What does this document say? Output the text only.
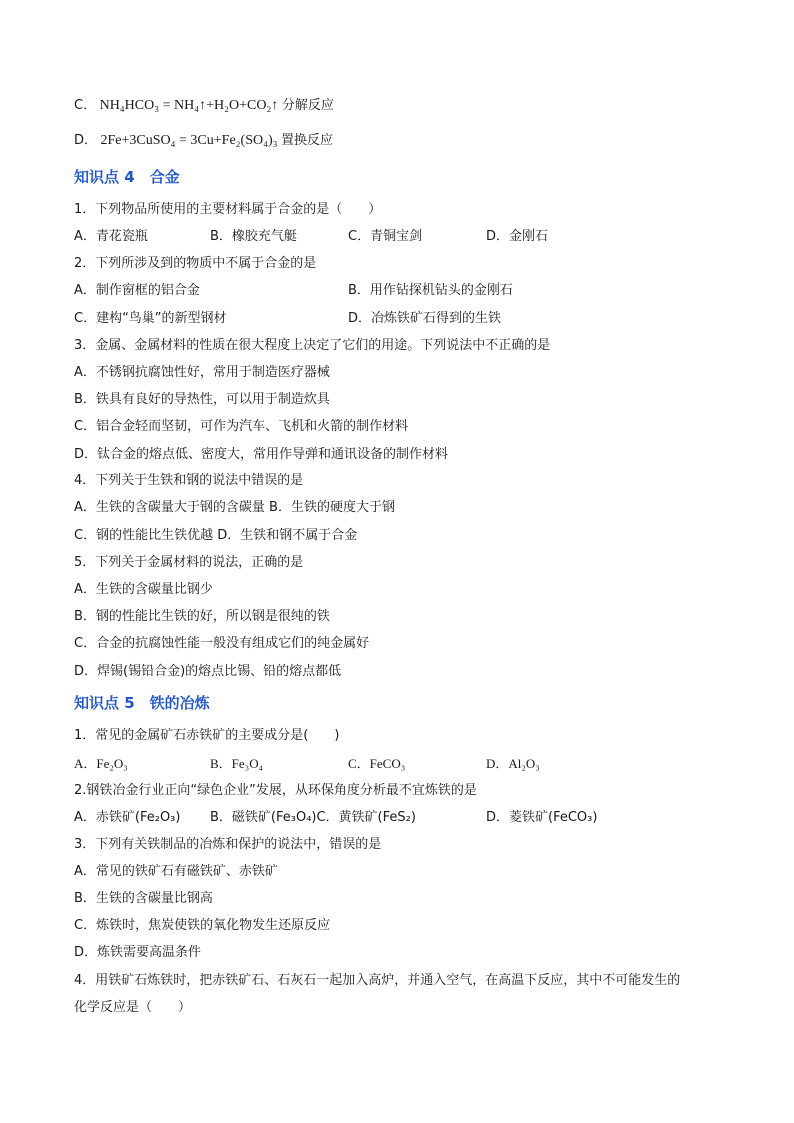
C． NH₄HCO₃ = NH₄↑+H₂O+CO₂↑ 分解反应
D． 2Fe+3CuSO₄ = 3Cu+Fe₂(SO₄)₃ 置换反应
知识点 4　合金
1．下列物品所使用的主要材料属于合金的是（　　）
A．青花瓷瓶	B．橡胶充气艇	C．青铜宝剑	D．金刚石
2．下列所涉及到的物质中不属于合金的是
A．制作窗框的铝合金	B．用作钻探机钻头的金刚石
C．建构“鸟巢”的新型钢材	D．冶炼铁矿石得到的生铁
3．金属、金属材料的性质在很大程度上决定了它们的用途。下列说法中不正确的是
A．不锈钢抗腐蚀性好，常用于制造医疗器械
B．铁具有良好的导热性，可以用于制造炊具
C．铝合金轻而坚韧，可作为汽车、飞机和火箭的制作材料
D．钛合金的熔点低、密度大，常用作导弹和通讯设备的制作材料
4．下列关于生铁和钢的说法中错误的是
A．生铁的含碳量大于钢的含碳量 B．生铁的硬度大于钢
C．钢的性能比生铁优越 D．生铁和钢不属于合金
5．下列关于金属材料的说法，正确的是
A．生铁的含碳量比钢少
B．钢的性能比生铁的好，所以钢是很纯的铁
C．合金的抗腐蚀性能一般没有组成它们的纯金属好
D．焊锡(锡铅合金)的熔点比锡、铅的熔点都低
知识点 5　铁的冶炼
1．常见的金属矿石赤铁矿的主要成分是(　　)
A．Fe₂O₃	B．Fe₃O₄	C．FeCO₃	D．Al₂O₃
2.钢铁冶金行业正向“绿色企业”发展，从环保角度分析最不宜炼铁的是
A．赤铁矿(Fe₂O₃) B．磁铁矿(Fe₃O₄)C．黄铁矿(FeS₂)	D．菱铁矿(FeCO₃)
3．下列有关铁制品的冶炼和保护的说法中，错误的是
A．常见的铁矿石有磁铁矿、赤铁矿
B．生铁的含碳量比钢高
C．炼铁时，焦炭使铁的氧化物发生还原反应
D．炼铁需要高温条件
4．用铁矿石炼铁时，把赤铁矿石、石灰石一起加入高炉，并通入空气，在高温下反应，其中不可能发生的
化学反应是（　　）
